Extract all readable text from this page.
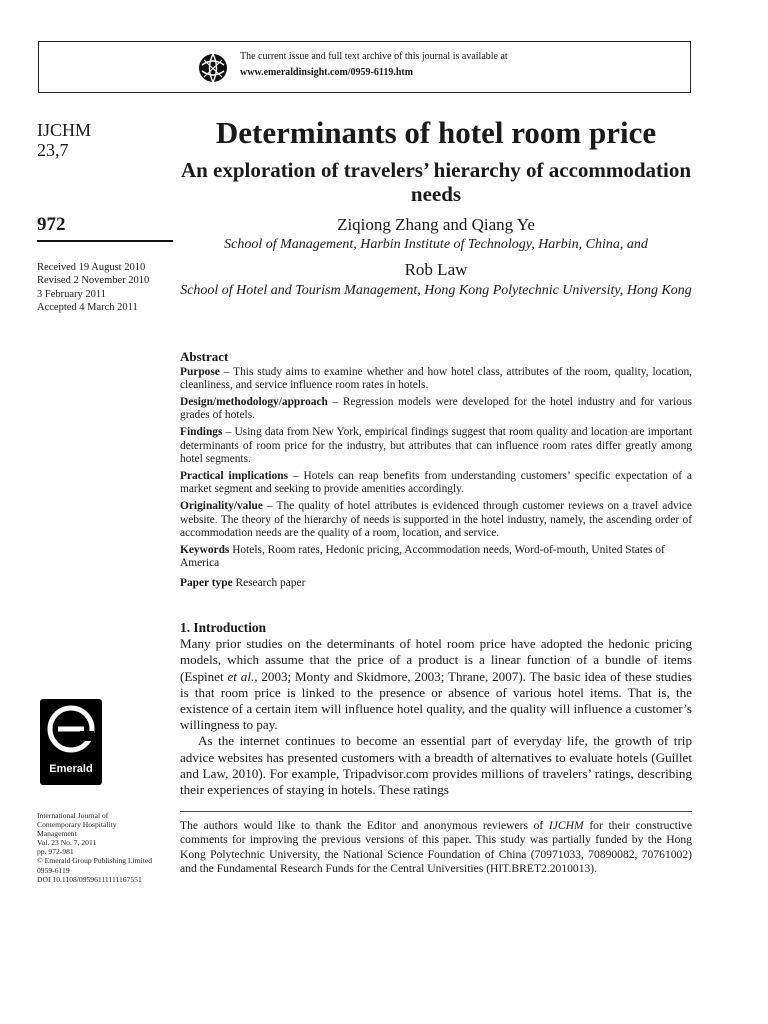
The current issue and full text archive of this journal is available at
www.emeraldinsight.com/0959-6119.htm
IJCHM
23,7
972
Received 19 August 2010
Revised 2 November 2010
3 February 2011
Accepted 4 March 2011
Emerald
International Journal of
Contemporary Hospitality
Management
Vol. 23 No. 7, 2011
pp. 972-981
© Emerald Group Publishing Limited
0959-6119
DOI 10.1108/09596111111167551
Determinants of hotel room price
An exploration of travelers’ hierarchy of accommodation needs
Ziqiong Zhang and Qiang Ye
School of Management, Harbin Institute of Technology, Harbin, China, and
Rob Law
School of Hotel and Tourism Management, Hong Kong Polytechnic University, Hong Kong
Abstract

Purpose – This study aims to examine whether and how hotel class, attributes of the room, quality, location, cleanliness, and service influence room rates in hotels.

Design/methodology/approach – Regression models were developed for the hotel industry and for various grades of hotels.

Findings – Using data from New York, empirical findings suggest that room quality and location are important determinants of room price for the industry, but attributes that can influence room rates differ greatly among hotel segments.

Practical implications – Hotels can reap benefits from understanding customers’ specific expectation of a market segment and seeking to provide amenities accordingly.

Originality/value – The quality of hotel attributes is evidenced through customer reviews on a travel advice website. The theory of the hierarchy of needs is supported in the hotel industry, namely, the ascending order of accommodation needs are the quality of a room, location, and service.

Keywords Hotels, Room rates, Hedonic pricing, Accommodation needs, Word-of-mouth, United States of America

Paper type Research paper

1. Introduction

Many prior studies on the determinants of hotel room price have adopted the hedonic pricing models, which assume that the price of a product is a linear function of a bundle of items (Espinet et al., 2003; Monty and Skidmore, 2003; Thrane, 2007). The basic idea of these studies is that room price is linked to the presence or absence of various hotel items. That is, the existence of a certain item will influence hotel quality, and the quality will influence a customer’s willingness to pay.

As the internet continues to become an essential part of everyday life, the growth of trip advice websites has presented customers with a breadth of alternatives to evaluate hotels (Guillet and Law, 2010). For example, Tripadvisor.com provides millions of travelers’ ratings, describing their experiences of staying in hotels. These ratings

The authors would like to thank the Editor and anonymous reviewers of IJCHM for their constructive comments for improving the previous versions of this paper. This study was partially funded by the Hong Kong Polytechnic University, the National Science Foundation of China (70971033, 70890082, 70761002) and the Fundamental Research Funds for the Central Universities (HIT.BRET2.2010013).
